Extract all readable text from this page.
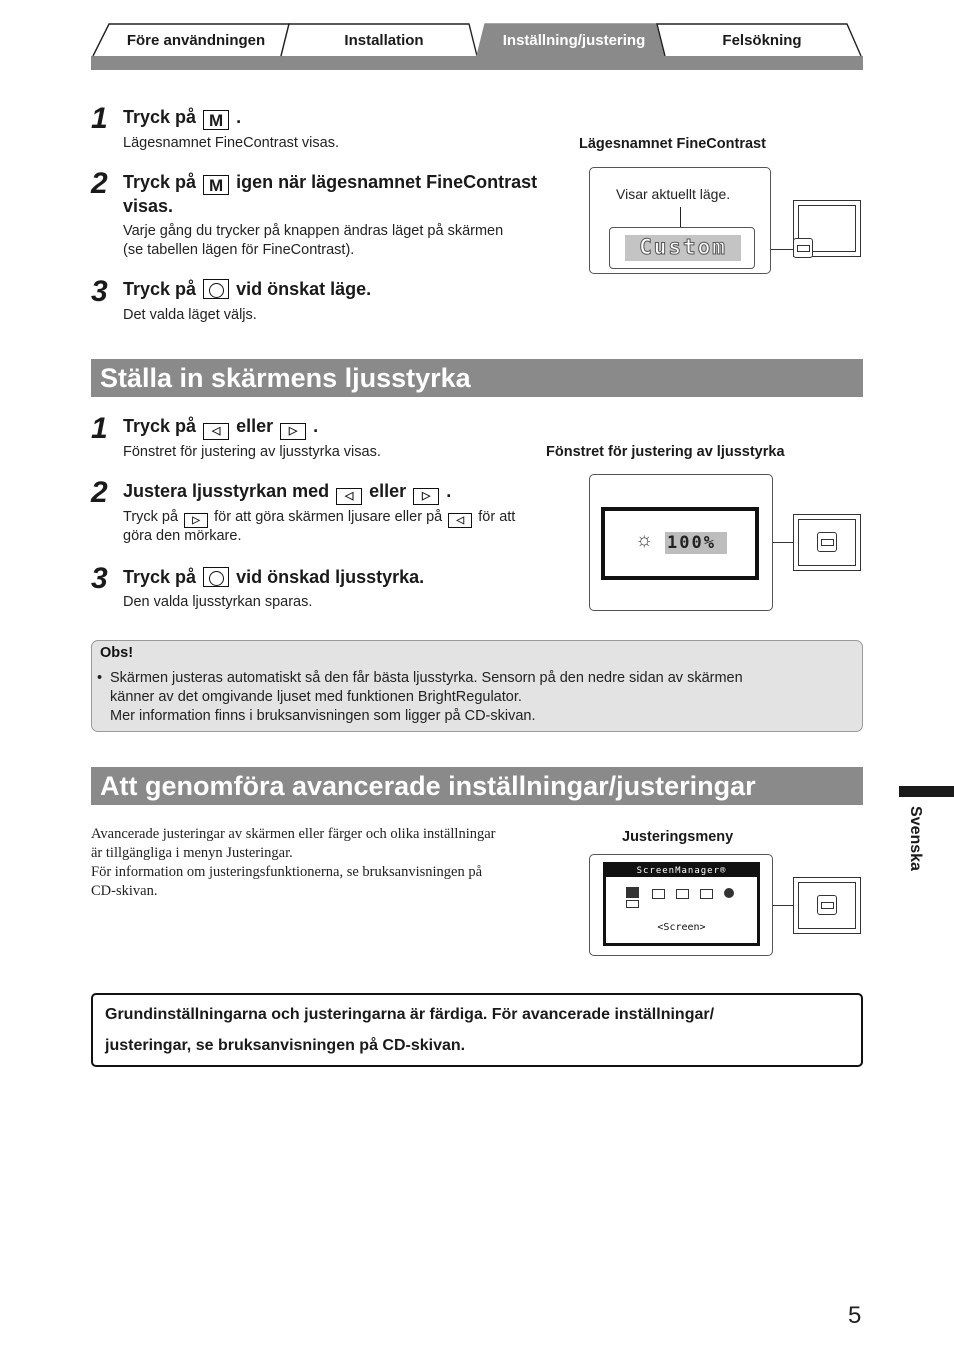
Före användningen	Installation	Inställning/justering	Felsökning
1 Tryck på M .
Lägesnamnet FineContrast visas.
2 Tryck på M igen när lägesnamnet FineContrast
visas.
Varje gång du trycker på knappen ändras läget på skärmen
(se tabellen lägen för FineContrast).
3 Tryck på vid önskat läge.
Det valda läget väljs.
Lägesnamnet FineContrast
Visar aktuellt läge.
Custom
Ställa in skärmens ljusstyrka
1 Tryck på ◁ eller ▷ .
Fönstret för justering av ljusstyrka visas.
2 Justera ljusstyrkan med ◁ eller ▷ .
Tryck på ▷ för att göra skärmen ljusare eller på ◁ för att
göra den mörkare.
3 Tryck på vid önskad ljusstyrka.
Den valda ljusstyrkan sparas.
Fönstret för justering av ljusstyrka
☼ 100%
Obs!
• Skärmen justeras automatiskt så den får bästa ljusstyrka. Sensorn på den nedre sidan av skärmen
känner av det omgivande ljuset med funktionen BrightRegulator.
Mer information finns i bruksanvisningen som ligger på CD-skivan.
Att genomföra avancerade inställningar/justeringar
Avancerade justeringar av skärmen eller färger och olika inställningar
är tillgängliga i menyn Justeringar.
För information om justeringsfunktionerna, se bruksanvisningen på
CD-skivan.
Justeringsmeny
ScreenManager®
<Screen>
Grundinställningarna och justeringarna är färdiga. För avancerade inställningar/
justeringar, se bruksanvisningen på CD-skivan.
Svenska
5
